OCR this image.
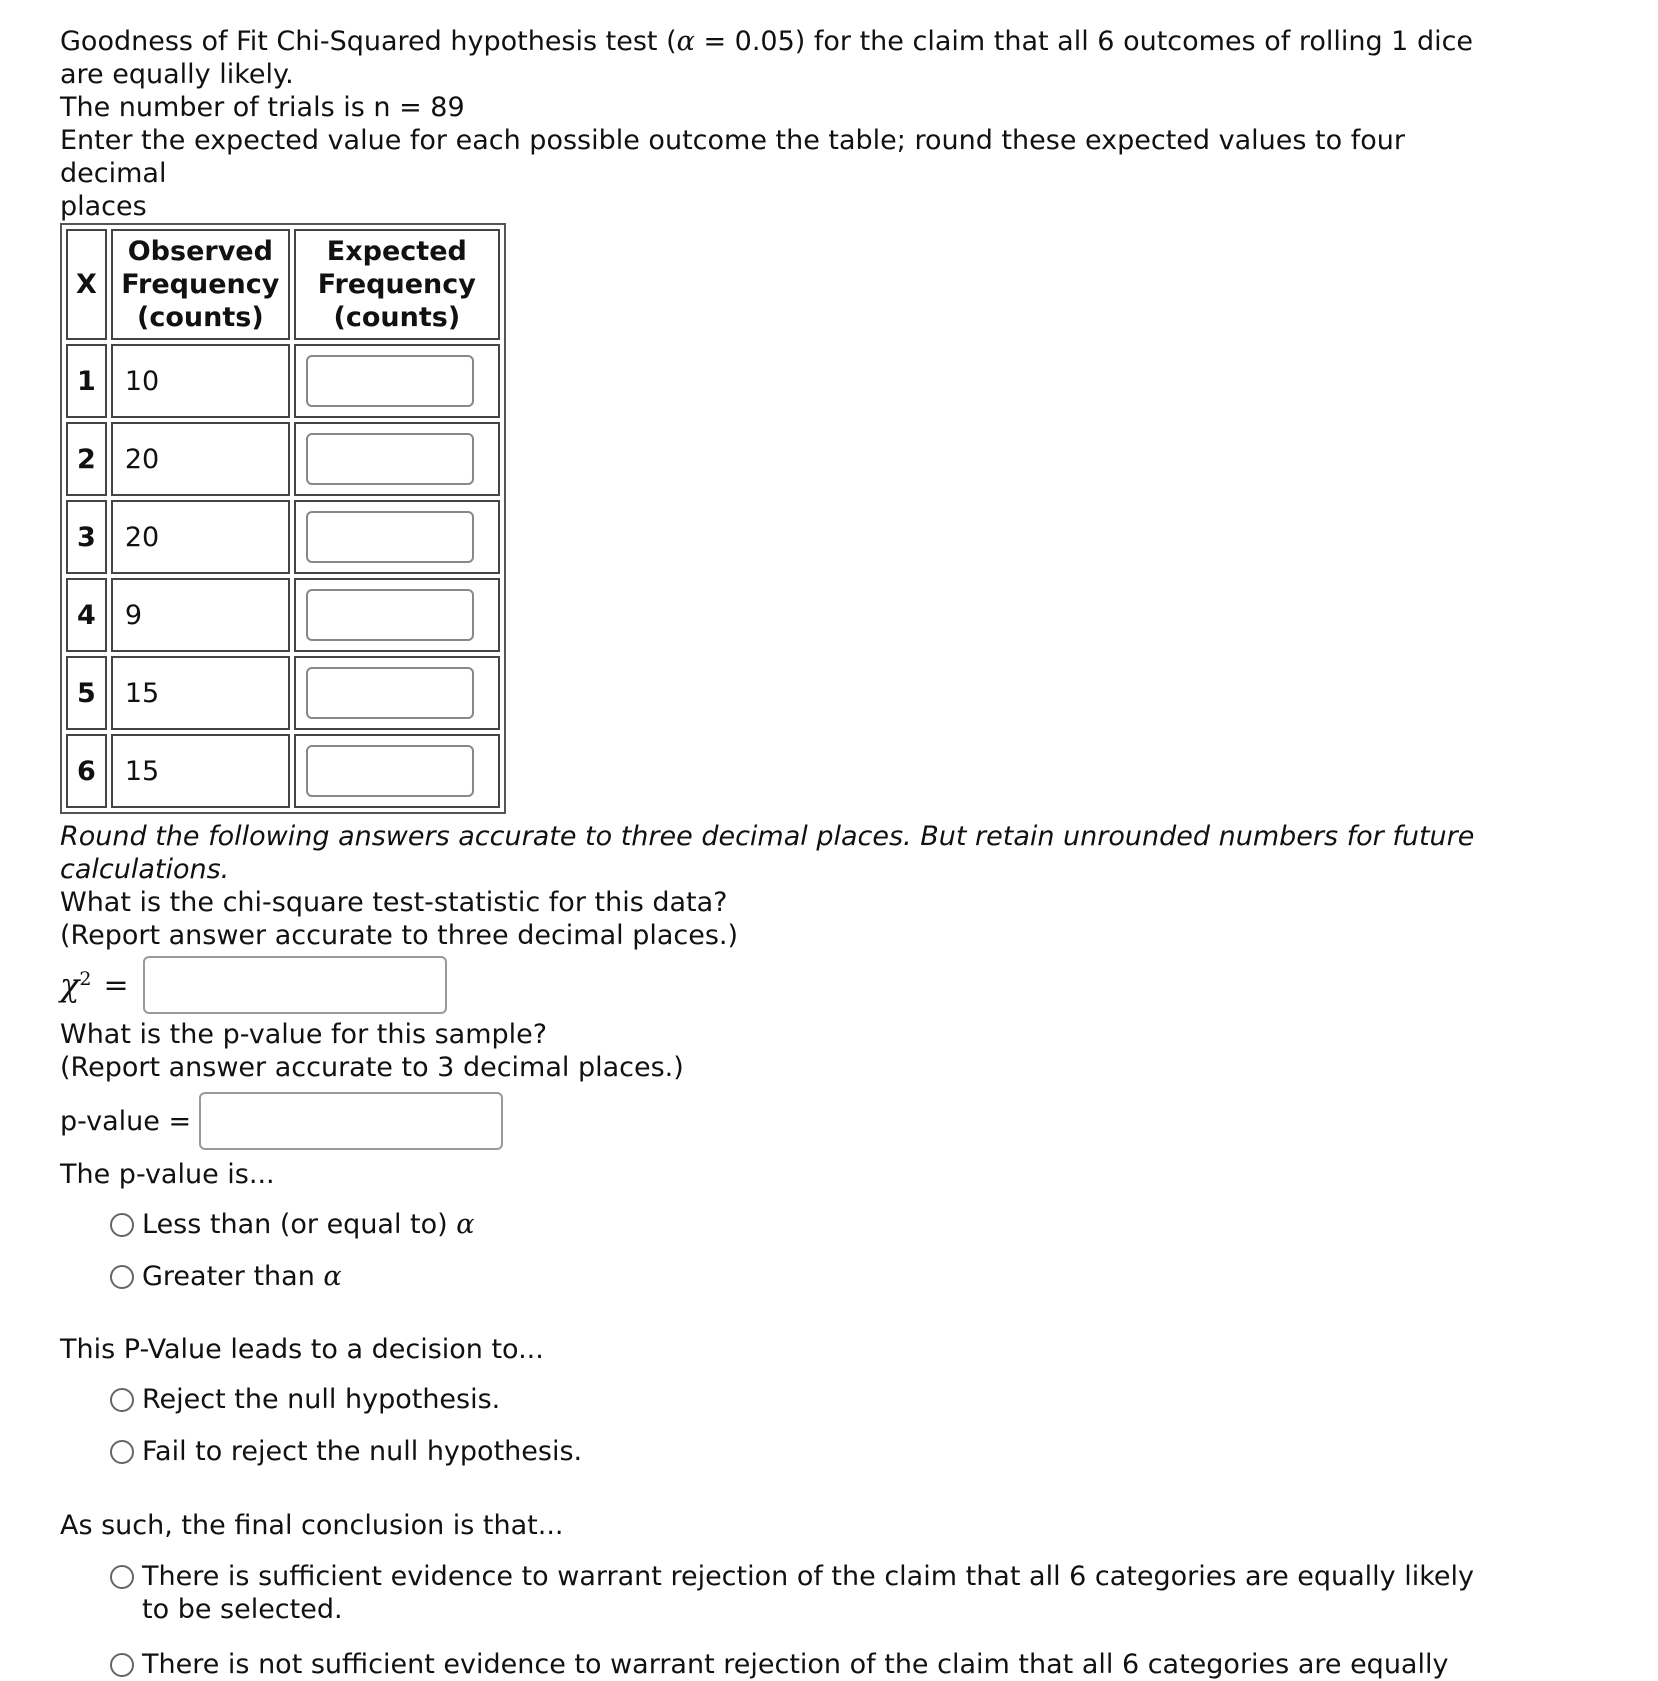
Goodness of Fit Chi-Squared hypothesis test (α = 0.05) for the claim that all 6 outcomes of rolling 1 dice
are equally likely.
The number of trials is n = 89
Enter the expected value for each possible outcome the table; round these expected values to four decimal
places
X	Observed
Frequency
(counts)	Expected
Frequency
(counts)

1	10	
2	20	
3	20	
4	9	
5	15	
6	15	
Round the following answers accurate to three decimal places. But retain unrounded numbers for future
calculations.
What is the chi-square test-statistic for this data?
(Report answer accurate to three decimal places.)
$\chi^2$ =
What is the p-value for this sample?
(Report answer accurate to 3 decimal places.)
p-value =
The p-value is...
Less than (or equal to) α
Greater than α
This P-Value leads to a decision to...
Reject the null hypothesis.
Fail to reject the null hypothesis.
As such, the final conclusion is that...
There is sufficient evidence to warrant rejection of the claim that all 6 categories are equally likely
to be selected.
There is not sufficient evidence to warrant rejection of the claim that all 6 categories are equally
